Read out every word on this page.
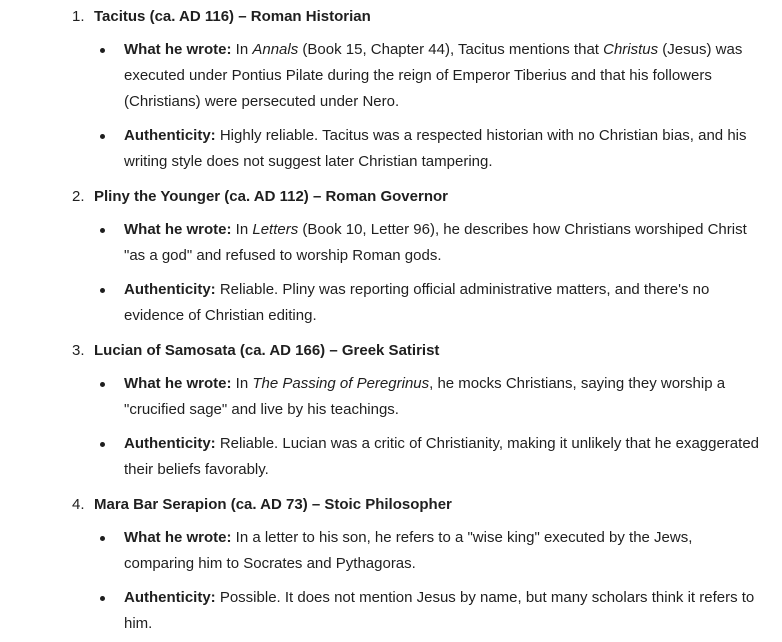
1. Tacitus (ca. AD 116) – Roman Historian
What he wrote: In Annals (Book 15, Chapter 44), Tacitus mentions that Christus (Jesus) was executed under Pontius Pilate during the reign of Emperor Tiberius and that his followers (Christians) were persecuted under Nero.
Authenticity: Highly reliable. Tacitus was a respected historian with no Christian bias, and his writing style does not suggest later Christian tampering.
2. Pliny the Younger (ca. AD 112) – Roman Governor
What he wrote: In Letters (Book 10, Letter 96), he describes how Christians worshiped Christ "as a god" and refused to worship Roman gods.
Authenticity: Reliable. Pliny was reporting official administrative matters, and there's no evidence of Christian editing.
3. Lucian of Samosata (ca. AD 166) – Greek Satirist
What he wrote: In The Passing of Peregrinus, he mocks Christians, saying they worship a "crucified sage" and live by his teachings.
Authenticity: Reliable. Lucian was a critic of Christianity, making it unlikely that he exaggerated their beliefs favorably.
4. Mara Bar Serapion (ca. AD 73) – Stoic Philosopher
What he wrote: In a letter to his son, he refers to a "wise king" executed by the Jews, comparing him to Socrates and Pythagoras.
Authenticity: Possible. It does not mention Jesus by name, but many scholars think it refers to him.
